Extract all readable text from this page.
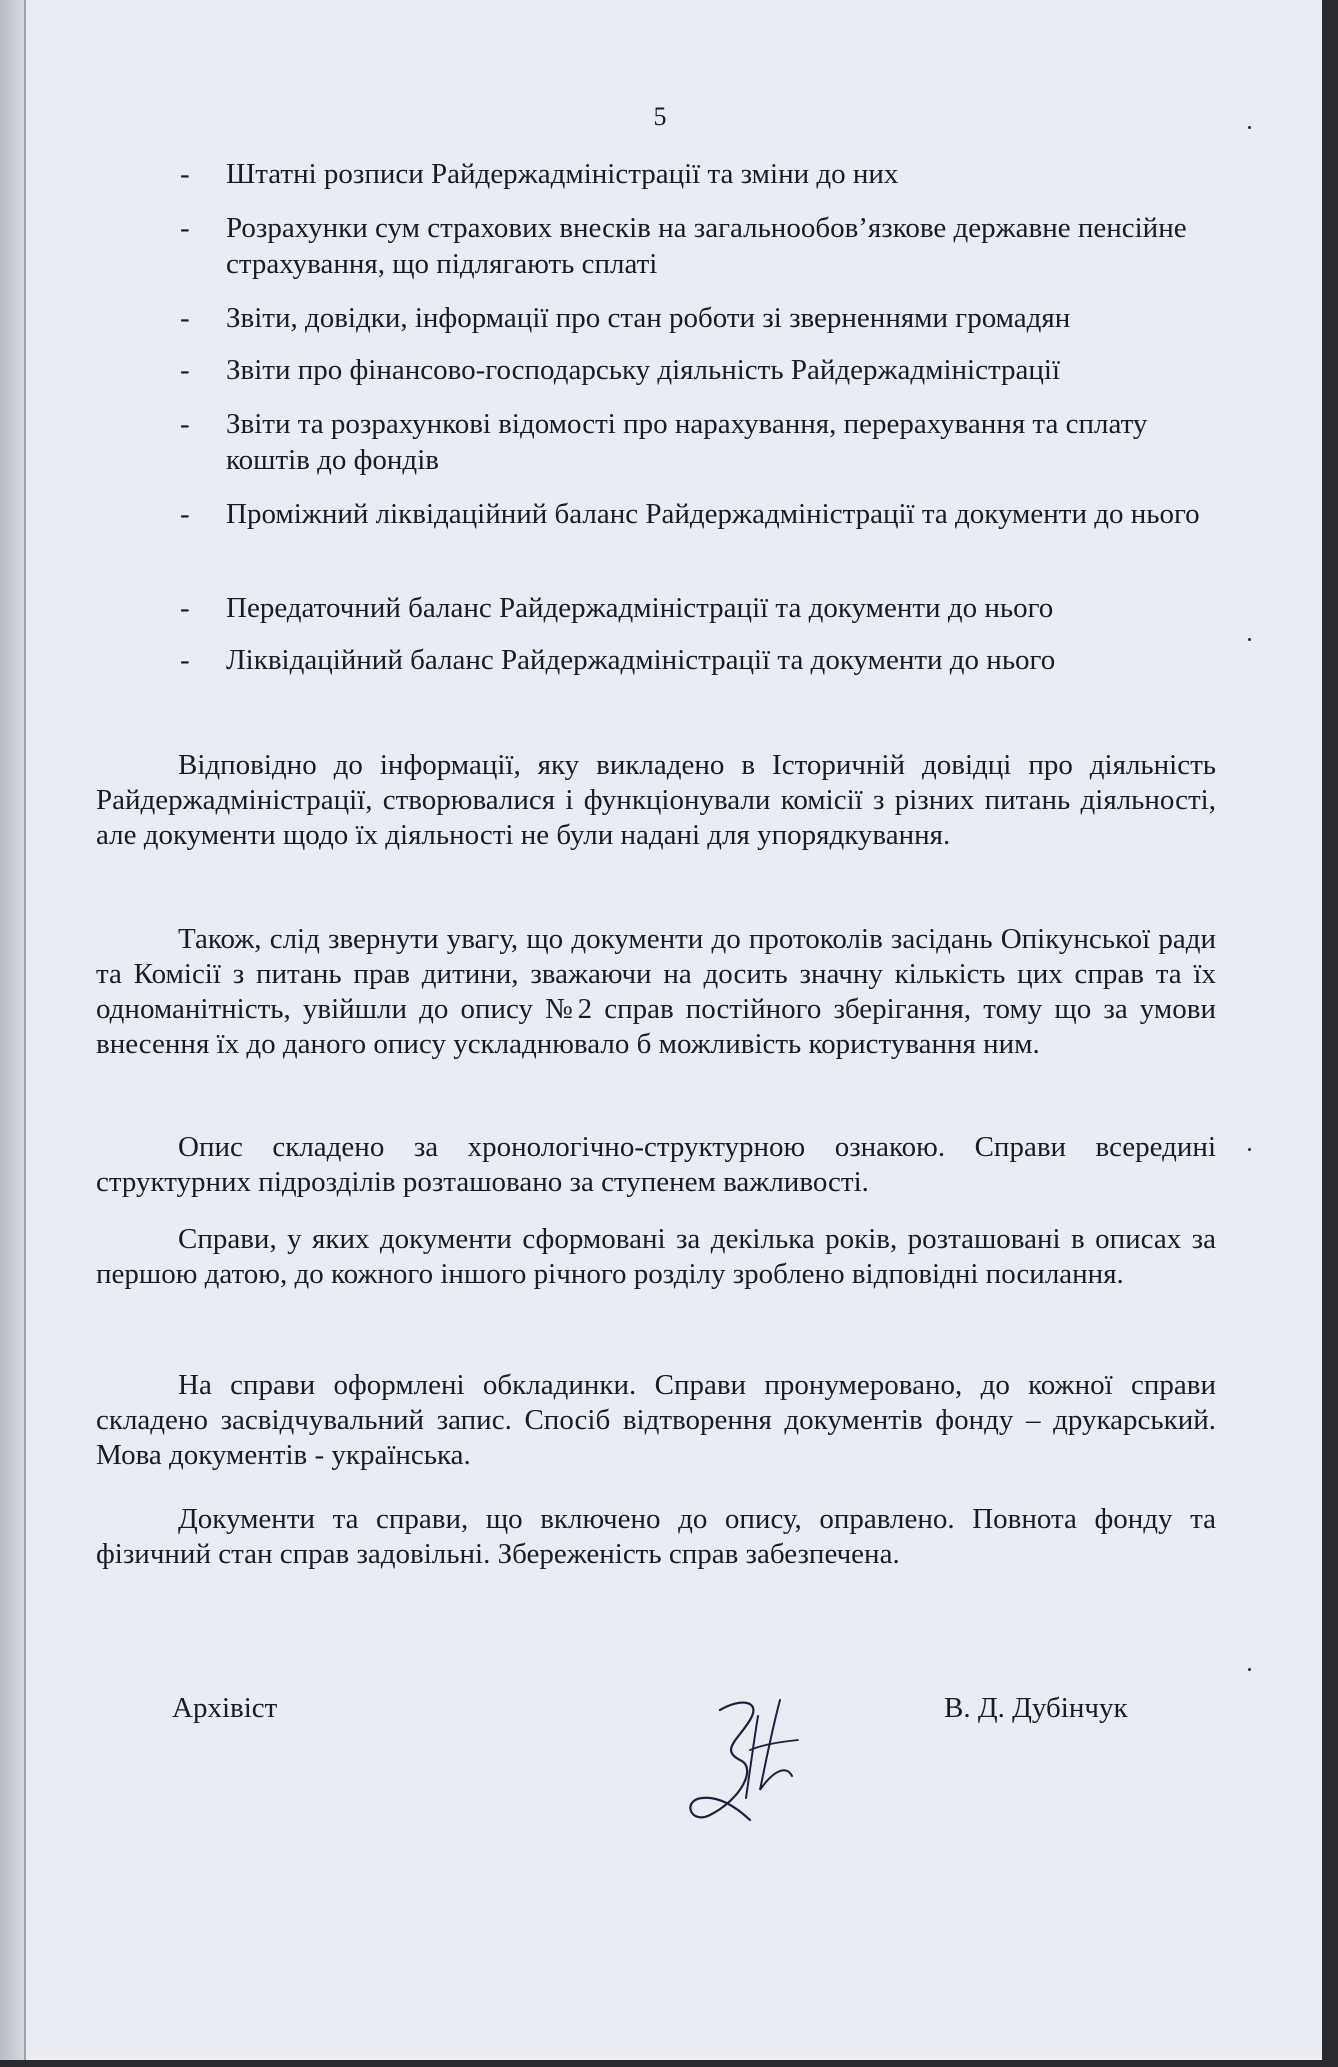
5
- Штатні розписи Райдержадміністрації та зміни до них
- Розрахунки сум страхових внесків на загальнообов’язкове державне пенсійне страхування, що підлягають сплаті
- Звіти, довідки, інформації про стан роботи зі зверненнями громадян
- Звіти про фінансово-господарську діяльність Райдержадміністрації
- Звіти та розрахункові відомості про нарахування, перерахування та сплату коштів до фондів
- Проміжний ліквідаційний баланс Райдержадміністрації та документи до нього
- Передаточний баланс Райдержадміністрації та документи до нього
- Ліквідаційний баланс Райдержадміністрації та документи до нього
Відповідно до інформації, яку викладено в Історичній довідці про діяльність Райдержадміністрації, створювалися і функціонували комісії з різних питань діяльності, але документи щодо їх діяльності не були надані для упорядкування.
Також, слід звернути увагу, що документи до протоколів засідань Опікунської ради та Комісії з питань прав дитини, зважаючи на досить значну кількість цих справ та їх одноманітність, увійшли до опису №2 справ постійного зберігання, тому що за умови внесення їх до даного опису ускладнювало б можливість користування ним.
Опис складено за хронологічно-структурною ознакою. Справи всередині структурних підрозділів розташовано за ступенем важливості.
Справи, у яких документи сформовані за декілька років, розташовані в описах за першою датою, до кожного іншого річного розділу зроблено відповідні посилання.
На справи оформлені обкладинки. Справи пронумеровано, до кожної справи складено засвідчувальний запис. Спосіб відтворення документів фонду – друкарський. Мова документів - українська.
Документи та справи, що включено до опису, оправлено. Повнота фонду та фізичний стан справ задовільні. Збереженість справ забезпечена.
Архівіст	В. Д. Дубінчук
